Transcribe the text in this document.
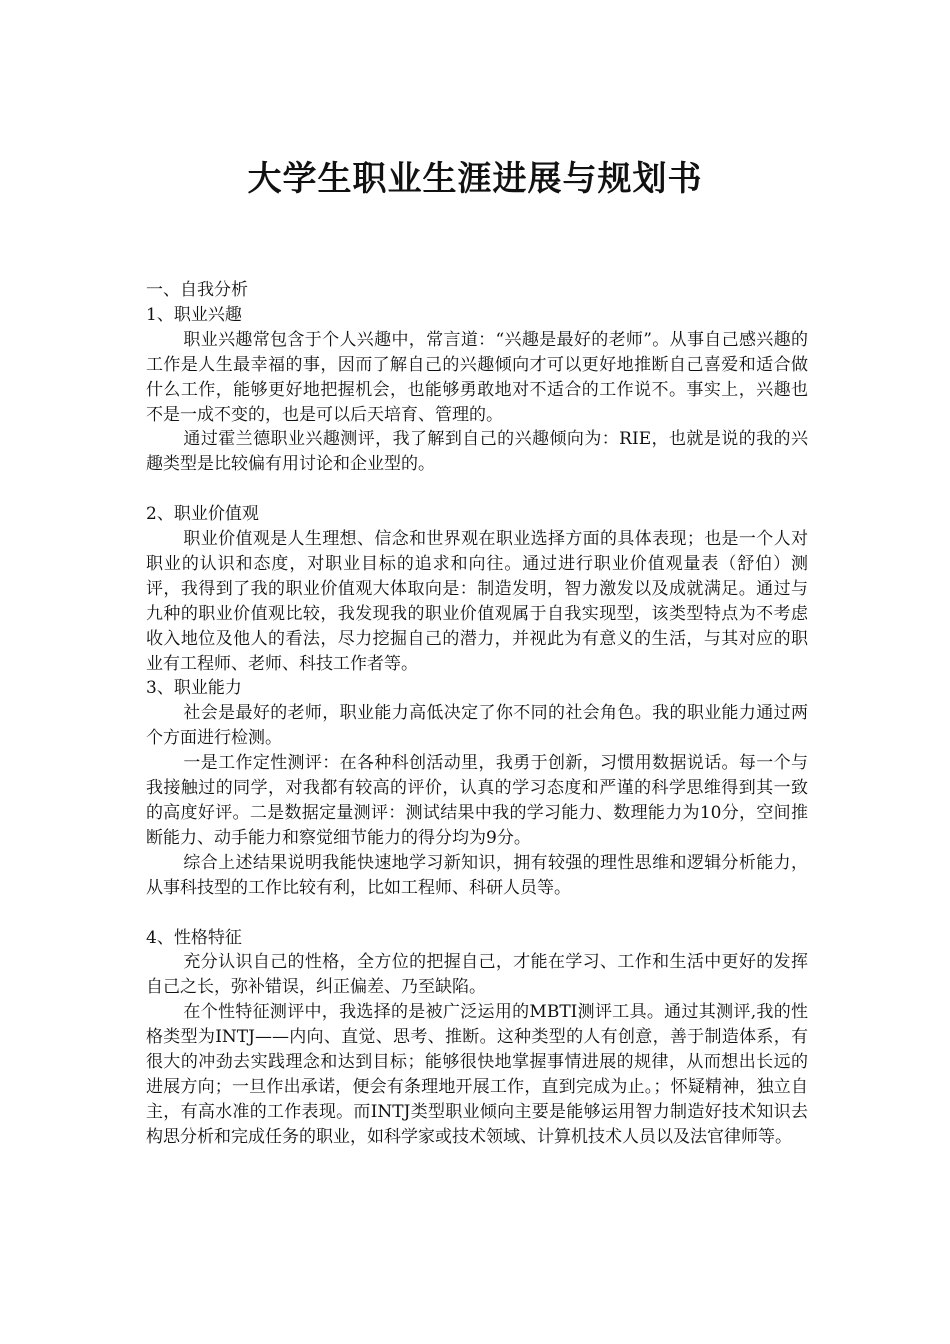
大学生职业生涯进展与规划书

一、自我分析

1、职业兴趣

职业兴趣常包含于个人兴趣中，常言道：“兴趣是最好的老师”。从事自己感兴趣的工作是人生最幸福的事，因而了解自己的兴趣倾向才可以更好地推断自己喜爱和适合做什么工作，能够更好地把握机会，也能够勇敢地对不适合的工作说不。事实上，兴趣也不是一成不变的，也是可以后天培育、管理的。

通过霍兰德职业兴趣测评，我了解到自己的兴趣倾向为：RIE，也就是说的我的兴趣类型是比较偏有用讨论和企业型的。

2、职业价值观

职业价值观是人生理想、信念和世界观在职业选择方面的具体表现；也是一个人对职业的认识和态度，对职业目标的追求和向往。通过进行职业价值观量表（舒伯）测评，我得到了我的职业价值观大体取向是：制造发明，智力激发以及成就满足。通过与九种的职业价值观比较，我发现我的职业价值观属于自我实现型，该类型特点为不考虑收入地位及他人的看法，尽力挖掘自己的潜力，并视此为有意义的生活，与其对应的职业有工程师、老师、科技工作者等。

3、职业能力

社会是最好的老师，职业能力高低决定了你不同的社会角色。我的职业能力通过两个方面进行检测。

一是工作定性测评：在各种科创活动里，我勇于创新，习惯用数据说话。每一个与我接触过的同学，对我都有较高的评价，认真的学习态度和严谨的科学思维得到其一致的高度好评。二是数据定量测评：测试结果中我的学习能力、数理能力为10分，空间推断能力、动手能力和察觉细节能力的得分均为9分。

综合上述结果说明我能快速地学习新知识，拥有较强的理性思维和逻辑分析能力，从事科技型的工作比较有利，比如工程师、科研人员等。

4、性格特征

充分认识自己的性格，全方位的把握自己，才能在学习、工作和生活中更好的发挥自己之长，弥补错误，纠正偏差、乃至缺陷。

在个性特征测评中，我选择的是被广泛运用的MBTI测评工具。通过其测评,我的性格类型为INTJ——内向、直觉、思考、推断。这种类型的人有创意，善于制造体系，有很大的冲劲去实践理念和达到目标；能够很快地掌握事情进展的规律，从而想出长远的进展方向；一旦作出承诺，便会有条理地开展工作，直到完成为止。；怀疑精神，独立自主，有高水准的工作表现。而INTJ类型职业倾向主要是能够运用智力制造好技术知识去构思分析和完成任务的职业，如科学家或技术领域、计算机技术人员以及法官律师等。
